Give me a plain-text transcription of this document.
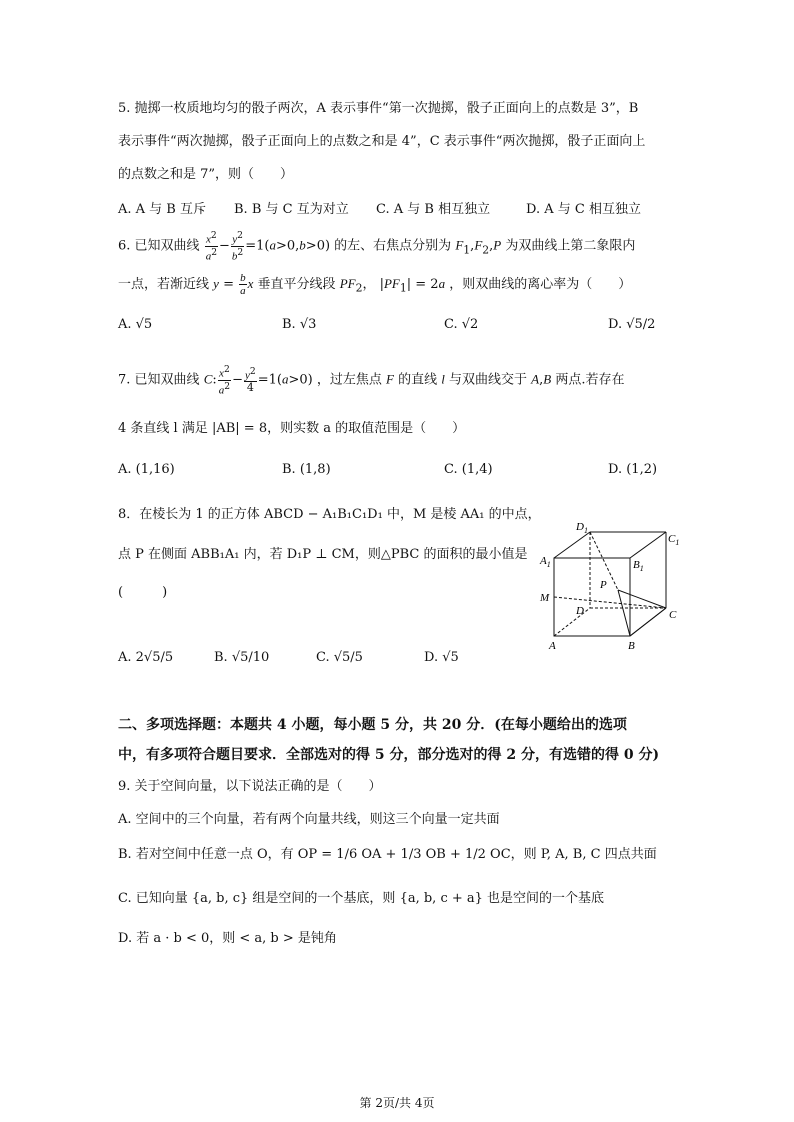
5. 抛掷一枚质地均匀的骰子两次，A 表示事件“第一次抛掷，骰子正面向上的点数是 3”，B
表示事件“两次抛掷，骰子正面向上的点数之和是 4”，C 表示事件“两次抛掷，骰子正面向上
的点数之和是 7”，则（　　）
A. A 与 B 互斥 B. B 与 C 互为对立 C. A 与 B 相互独立	D. A 与 C 相互独立
6. 已知双曲线 $\frac{x^2}{a^2} - \frac{y^2}{b^2} =1(a>0,b>0)$ 的左、右焦点分别为 $F_1,F_2,P$ 为双曲线上第二象限内
一点，若渐近线 $y = \frac{b}{a}$ x 垂直平分线段 $PF_2$， $|PF_1| = 2a$ ，则双曲线的离心率为（　　）
A. √5	B. √3	C. √2	D. √5/2
7. 已知双曲线 C: $\frac{x^2}{a^2} - \frac{y^2}{4} =1(a>0)$ ，过左焦点 F 的直线 l 与双曲线交于 A,B 两点.若存在
4 条直线 l 满足 |AB| = 8，则实数 a 的取值范围是（　　）
A. (1,16)	B. (1,8)	C. (1,4)	D. (1,2)
8．在棱长为 1 的正方体 ABCD − A₁B₁C₁D₁ 中，M 是棱 AA₁ 的中点，
点 P 在侧面 ABB₁A₁ 内，若 D₁P ⊥ CM，则△PBC 的面积的最小值是
(　　　)
A. 2√5/5	B. √5/10	C. √5/5	D. √5
$D_1$
$C_1$
$A_1$	$B_1$
P
M
D	C
A	B
二、多项选择题：本题共 4 小题，每小题 5 分，共 20 分．(在每小题给出的选项
中，有多项符合题目要求．全部选对的得 5 分，部分选对的得 2 分，有选错的得 0 分)
9. 关于空间向量，以下说法正确的是（　　）
A. 空间中的三个向量，若有两个向量共线，则这三个向量一定共面
B. 若对空间中任意一点 O，有 OP = 1/6 OA + 1/3 OB + 1/2 OC，则 P, A, B, C 四点共面
C. 已知向量 {a, b, c} 组是空间的一个基底，则 {a, b, c + a} 也是空间的一个基底
D. 若 a · b < 0，则 < a, b > 是钝角
第 2页/共 4页
